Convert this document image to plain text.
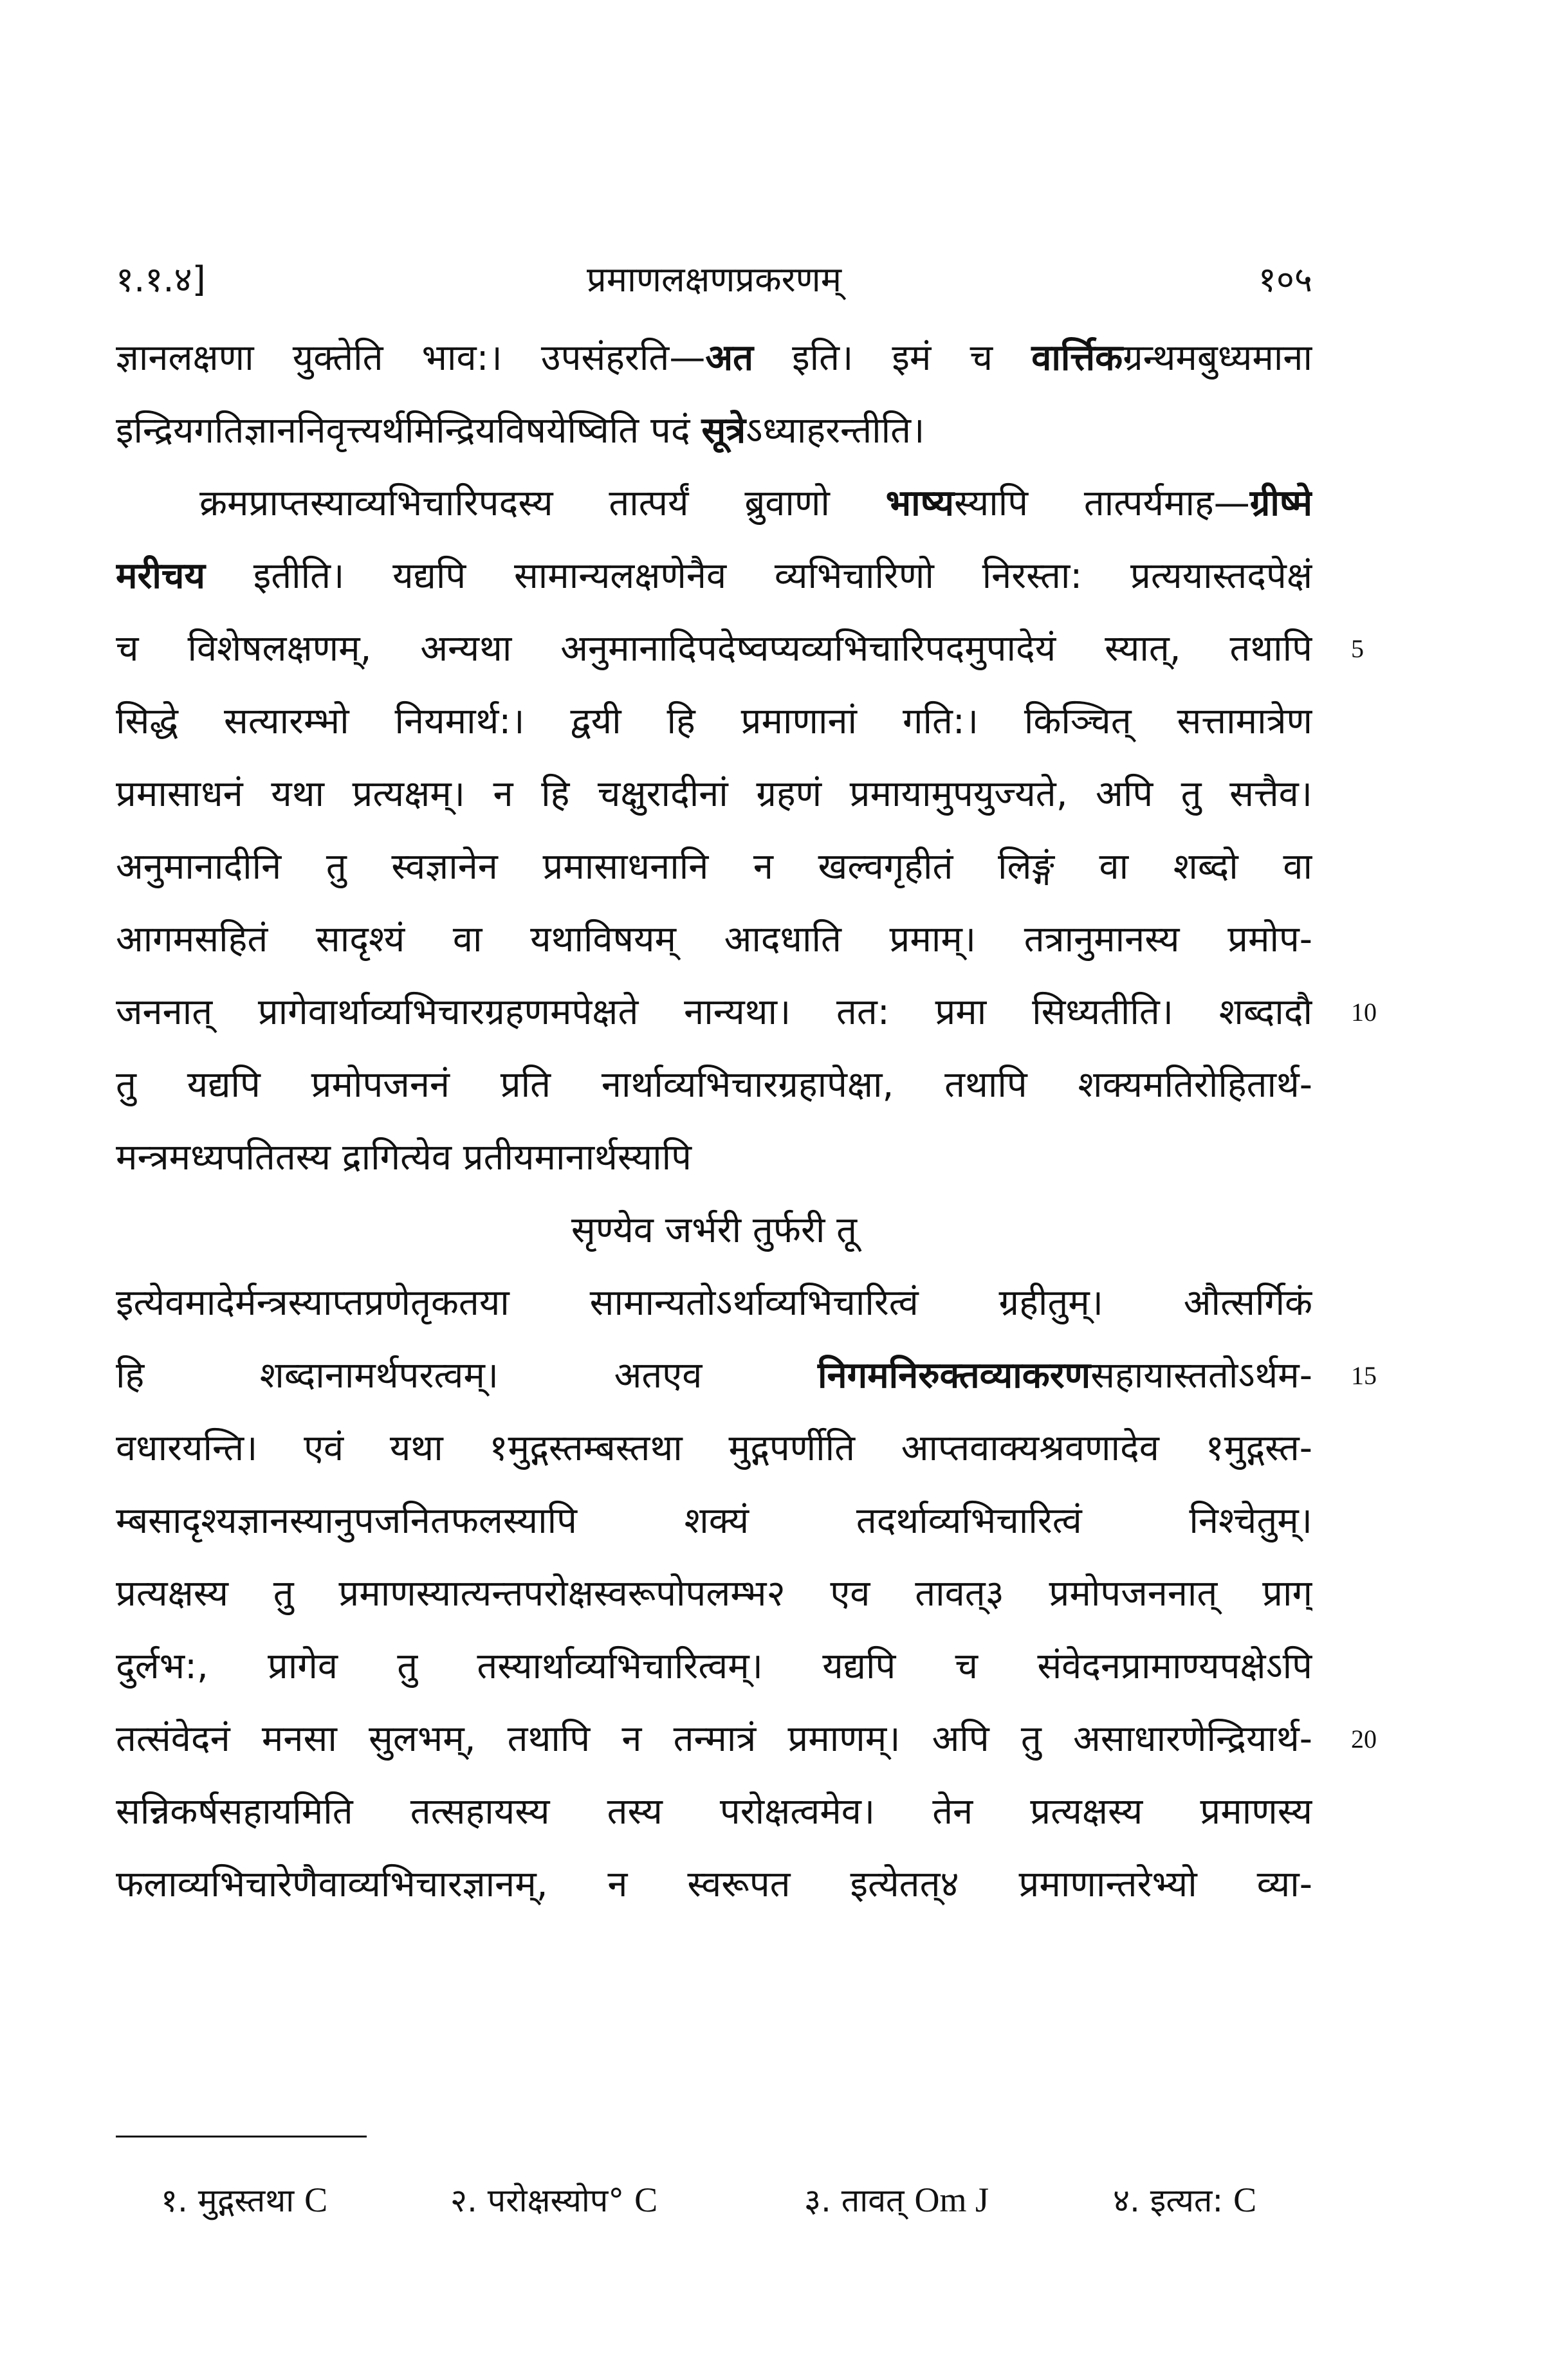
१.१.४]	प्रमाणलक्षणप्रकरणम्	१०५
ज्ञानलक्षणा युक्तेति भाव:। उपसंहरति—अत इति। इमं च वार्त्तिकग्रन्थमबुध्यमाना
इन्द्रियगतिज्ञाननिवृत्त्यर्थमिन्द्रियविषयेष्विति पदं सूत्रेऽध्याहरन्तीति।
क्रमप्राप्तस्याव्यभिचारिपदस्य तात्पर्यं ब्रुवाणो भाष्यस्यापि तात्पर्यमाह—ग्रीष्मे
मरीचय इतीति। यद्यपि सामान्यलक्षणेनैव व्यभिचारिणो निरस्ता: प्रत्ययास्तदपेक्षं
च विशेषलक्षणम्, अन्यथा अनुमानादिपदेष्वप्यव्यभिचारिपदमुपादेयं स्यात्, तथापि
सिद्धे सत्यारम्भो नियमार्थ:। द्वयी हि प्रमाणानां गति:। किञ्चित् सत्तामात्रेण
प्रमासाधनं यथा प्रत्यक्षम्। न हि चक्षुरादीनां ग्रहणं प्रमायामुपयुज्यते, अपि तु सत्तैव।
अनुमानादीनि तु स्वज्ञानेन प्रमासाधनानि न खल्वगृहीतं लिङ्गं वा शब्दो वा
आगमसहितं सादृश्यं वा यथाविषयम् आदधाति प्रमाम्। तत्रानुमानस्य प्रमोप-
जननात् प्रागेवार्थाव्यभिचारग्रहणमपेक्षते नान्यथा। तत: प्रमा सिध्यतीति। शब्दादौ
तु यद्यपि प्रमोपजननं प्रति नार्थाव्यभिचारग्रहापेक्षा, तथापि शक्यमतिरोहितार्थ-
मन्त्रमध्यपतितस्य द्रागित्येव प्रतीयमानार्थस्यापि
सृण्येव जर्भरी तुर्फरी तू
इत्येवमादेर्मन्त्रस्याप्तप्रणेतृकतया सामान्यतोऽर्थाव्यभिचारित्वं ग्रहीतुम्। औत्सर्गिकं
हि शब्दानामर्थपरत्वम्। अतएव निगमनिरुक्तव्याकरणसहायास्ततोऽर्थम-
वधारयन्ति। एवं यथा १मुद्गस्तम्बस्तथा मुद्गपर्णीति आप्तवाक्यश्रवणादेव १मुद्गस्त-
म्बसादृश्यज्ञानस्यानुपजनितफलस्यापि शक्यं तदर्थाव्यभिचारित्वं निश्चेतुम्।
प्रत्यक्षस्य तु प्रमाणस्यात्यन्तपरोक्षस्वरूपोपलम्भ२ एव तावत्३ प्रमोपजननात् प्राग्
दुर्लभ:, प्रागेव तु तस्यार्थाव्यभिचारित्वम्। यद्यपि च संवेदनप्रामाण्यपक्षेऽपि
तत्संवेदनं मनसा सुलभम्, तथापि न तन्मात्रं प्रमाणम्। अपि तु असाधारणेन्द्रियार्थ-
सन्निकर्षसहायमिति तत्सहायस्य तस्य परोक्षत्वमेव। तेन प्रत्यक्षस्य प्रमाणस्य
फलाव्यभिचारेणैवाव्यभिचारज्ञानम्, न स्वरूपत इत्येतत्४ प्रमाणान्तरेभ्यो व्या-
5
10
15
20
१. मुद्गस्तथा C	२. परोक्षस्योप° C	३. तावत् Om J	४. इत्यत: C
